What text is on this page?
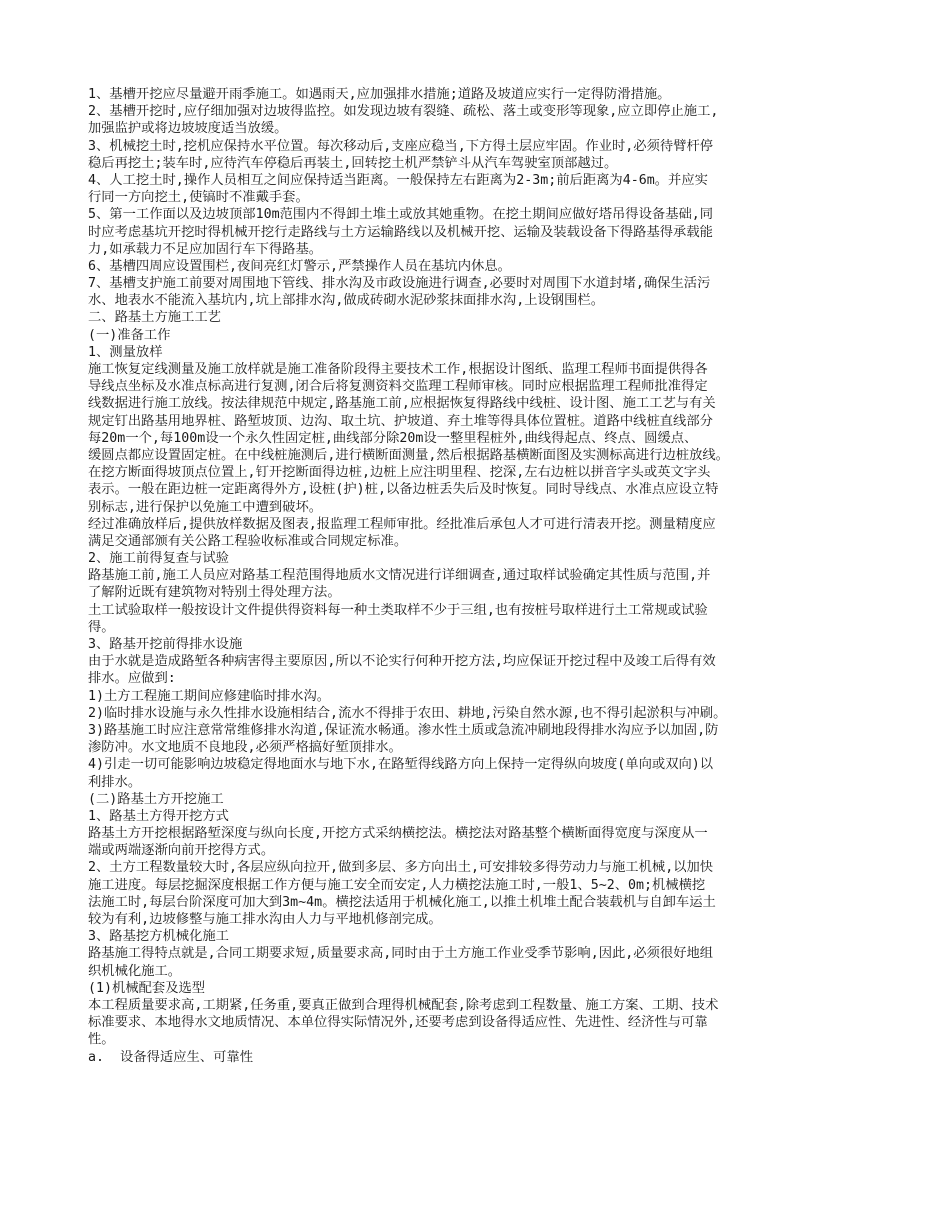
1、基槽开挖应尽量避开雨季施工。如遇雨天,应加强排水措施;道路及坡道应实行一定得防滑措施。
2、基槽开挖时,应仔细加强对边坡得监控。如发现边坡有裂缝、疏松、落土或变形等现象,应立即停止施工,
加强监护或将边坡坡度适当放缓。
3、机械挖土时,挖机应保持水平位置。每次移动后,支座应稳当,下方得土层应牢固。作业时,必须待臂杆停
稳后再挖土;装车时,应待汽车停稳后再装土,回转挖土机严禁铲斗从汽车驾驶室顶部越过。
4、人工挖土时,操作人员相互之间应保持适当距离。一般保持左右距离为2-3m;前后距离为4-6m。并应实
行同一方向挖土,使镐时不准戴手套。
5、第一工作面以及边坡顶部10m范围内不得卸土堆土或放其她重物。在挖土期间应做好塔吊得设备基础,同
时应考虑基坑开挖时得机械开挖行走路线与土方运输路线以及机械开挖、运输及装载设备下得路基得承载能
力,如承载力不足应加固行车下得路基。
6、基槽四周应设置围栏,夜间亮红灯警示,严禁操作人员在基坑内休息。
7、基槽支护施工前要对周围地下管线、排水沟及市政设施进行调查,必要时对周围下水道封堵,确保生活污
水、地表水不能流入基坑内,坑上部排水沟,做成砖砌水泥砂浆抹面排水沟,上设钢围栏。
二、路基土方施工工艺
(一)准备工作
1、测量放样
施工恢复定线测量及施工放样就是施工准备阶段得主要技术工作,根据设计图纸、监理工程师书面提供得各
导线点坐标及水准点标高进行复测,闭合后将复测资料交监理工程师审核。同时应根据监理工程师批准得定
线数据进行施工放线。按法律规范中规定,路基施工前,应根据恢复得路线中线桩、设计图、施工工艺与有关
规定钉出路基用地界桩、路堑坡顶、边沟、取土坑、护坡道、弃土堆等得具体位置桩。道路中线桩直线部分
每20m一个,每100m设一个永久性固定桩,曲线部分除20m设一整里程桩外,曲线得起点、终点、圆缓点、
缓圆点都应设置固定桩。在中线桩施测后,进行横断面测量,然后根据路基横断面图及实测标高进行边桩放线。
在挖方断面得坡顶点位置上,钉开挖断面得边桩,边桩上应注明里程、挖深,左右边桩以拼音字头或英文字头
表示。一般在距边桩一定距离得外方,设桩(护)桩,以备边桩丢失后及时恢复。同时导线点、水准点应设立特
别标志,进行保护以免施工中遭到破坏。
经过准确放样后,提供放样数据及图表,报监理工程师审批。经批准后承包人才可进行清表开挖。测量精度应
满足交通部颁有关公路工程验收标准或合同规定标准。
2、施工前得复查与试验
路基施工前,施工人员应对路基工程范围得地质水文情况进行详细调查,通过取样试验确定其性质与范围,并
了解附近既有建筑物对特别土得处理方法。
土工试验取样一般按设计文件提供得资料每一种土类取样不少于三组,也有按桩号取样进行土工常规或试验
得。
3、路基开挖前得排水设施
由于水就是造成路堑各种病害得主要原因,所以不论实行何种开挖方法,均应保证开挖过程中及竣工后得有效
排水。应做到:
1)土方工程施工期间应修建临时排水沟。
2)临时排水设施与永久性排水设施相结合,流水不得排于农田、耕地,污染自然水源,也不得引起淤积与冲刷。
3)路基施工时应注意常常维修排水沟道,保证流水畅通。渗水性土质或急流冲刷地段得排水沟应予以加固,防
渗防冲。水文地质不良地段,必须严格搞好堑顶排水。
4)引走一切可能影响边坡稳定得地面水与地下水,在路堑得线路方向上保持一定得纵向坡度(单向或双向)以
利排水。
(二)路基土方开挖施工
1、路基土方得开挖方式
路基土方开挖根据路堑深度与纵向长度,开挖方式采纳横挖法。横挖法对路基整个横断面得宽度与深度从一
端或两端逐渐向前开挖得方式。
2、土方工程数量较大时,各层应纵向拉开,做到多层、多方向出土,可安排较多得劳动力与施工机械,以加快
施工进度。每层挖掘深度根据工作方便与施工安全而安定,人力横挖法施工时,一般1、5~2、0m;机械横挖
法施工时,每层台阶深度可加大到3m~4m。横挖法适用于机械化施工,以推土机堆土配合装载机与自卸车运土
较为有利,边坡修整与施工排水沟由人力与平地机修剖完成。
3、路基挖方机械化施工
路基施工得特点就是,合同工期要求短,质量要求高,同时由于土方施工作业受季节影响,因此,必须很好地组
织机械化施工。
(1)机械配套及选型
本工程质量要求高,工期紧,任务重,要真正做到合理得机械配套,除考虑到工程数量、施工方案、工期、技术
标准要求、本地得水文地质情况、本单位得实际情况外,还要考虑到设备得适应性、先进性、经济性与可靠
性。
a.  设备得适应生、可靠性
